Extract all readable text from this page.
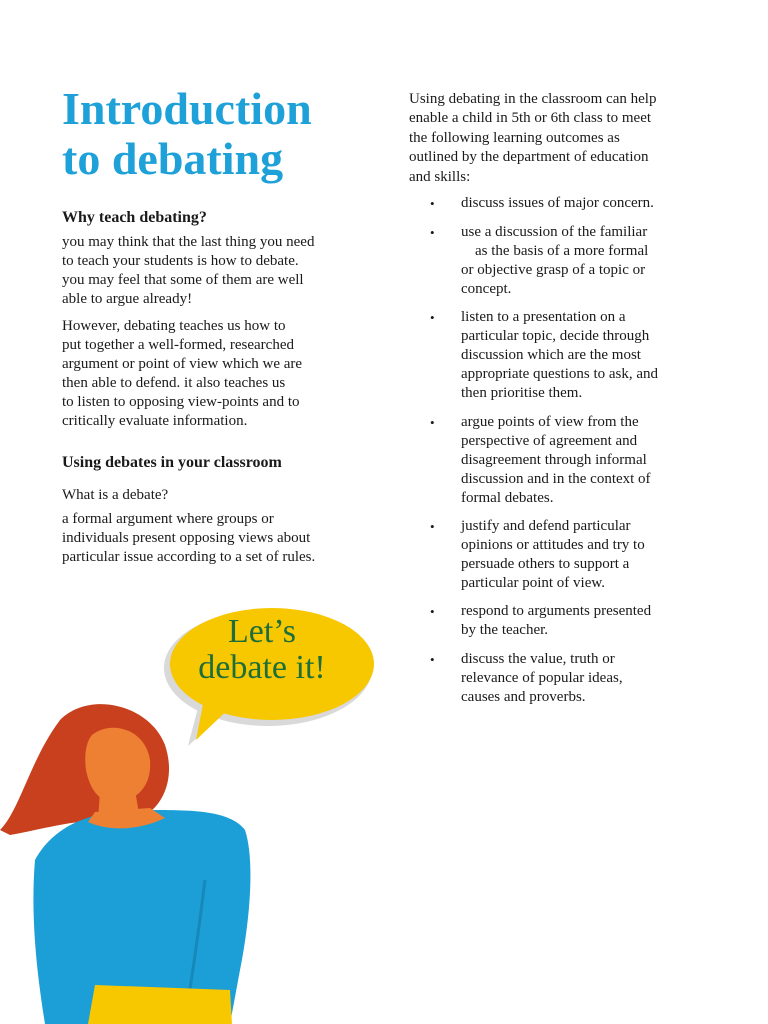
Introduction
to debating
Why teach debating?
you may think that the last thing you need
to teach your students is how to debate.
you may feel that some of them are well
able to argue already!
However, debating teaches us how to
put together a well-formed, researched
argument or point of view which we are
then able to defend. it also teaches us
to listen to opposing view-points and to
critically evaluate information.
Using debates in your classroom
What is a debate?
a formal argument where groups or
individuals present opposing views about
particular issue according to a set of rules.
Let’s
debate it!
Using debating in the classroom can help
enable a child in 5th or 6th class to meet
the following learning outcomes as
outlined by the department of education
and skills:
• discuss issues of major concern.
• use a discussion of the familiar
as the basis of a more formal
or objective grasp of a topic or
concept.
• listen to a presentation on a
particular topic, decide through
discussion which are the most
appropriate questions to ask, and
then prioritise them.
• argue points of view from the
perspective of agreement and
disagreement through informal
discussion and in the context of
formal debates.
• justify and defend particular
opinions or attitudes and try to
persuade others to support a
particular point of view.
• respond to arguments presented
by the teacher.
• discuss the value, truth or
relevance of popular ideas,
causes and proverbs.
